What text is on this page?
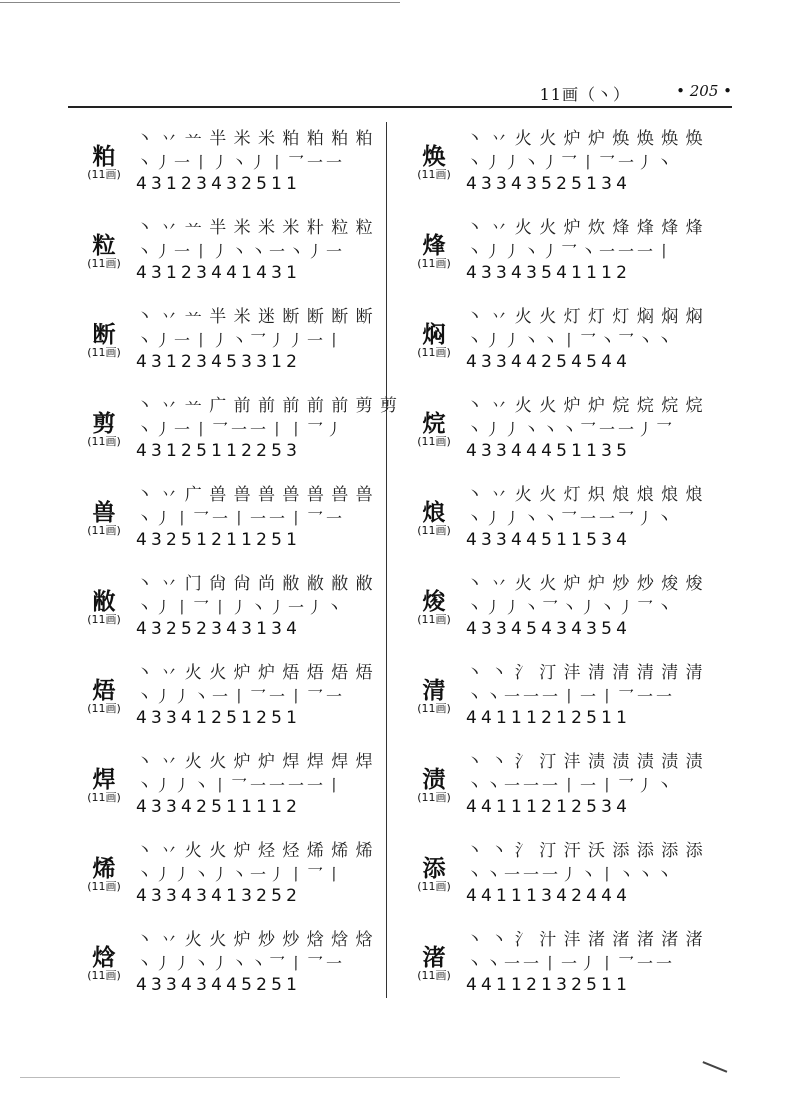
11画（丶）	• 205 •
粕
(11画)
丶 丷 䒑 半 米 米 粕 粕 粕 粕
丶丿一丨丿丶丿丨乛一一
43123432511
粒
(11画)
丶 丷 䒑 半 米 米 米 籵 粒 粒
丶丿一丨丿丶丶一丶丿一
43123441431
断
(11画)
丶 丷 䒑 半 米 迷 断 断 断 断
丶丿一丨丿丶乛丿丿一丨
43123453312
剪
(11画)
丶 丷 䒑 广 前 前 前 前 前 剪 剪
丶丿一丨乛一一丨丨乛丿
43125112253
兽
(11画)
丶 丷 广 兽 兽 兽 兽 兽 兽 兽
丶丿丨乛一丨一一丨乛一
43251211251
敝
(11画)
丶 丷 门 尙 尙 尚 敝 敝 敝 敝
丶丿丨乛丨丿丶丿一丿丶
43252343134
焐
(11画)
丶 丷 火 火 炉 炉 焐 焐 焐 焐
丶丿丿丶一丨乛一丨乛一
43341251251
焊
(11画)
丶 丷 火 火 炉 炉 焊 焊 焊 焊
丶丿丿丶丨乛一一一一丨
43342511112
烯
(11画)
丶 丷 火 火 炉 烃 烃 烯 烯 烯
丶丿丿丶丿丶一丿丨乛丨
43343413252
焓
(11画)
丶 丷 火 火 炉 炒 炒 焓 焓 焓
丶丿丿丶丿丶丶乛丨乛一
43343445251
焕
(11画)
丶 丷 火 火 炉 炉 焕 焕 焕 焕
丶丿丿丶丿乛丨乛一丿丶
43343525134
烽
(11画)
丶 丷 火 火 炉 炊 烽 烽 烽 烽
丶丿丿丶丿乛丶一一一丨
43343541112
焖
(11画)
丶 丷 火 火 灯 灯 灯 焖 焖 焖
丶丿丿丶丶丨乛丶乛丶丶
43344254544
烷
(11画)
丶 丷 火 火 炉 炉 烷 烷 烷 烷
丶丿丿丶丶丶乛一一丿乛
43344451135
烺
(11画)
丶 丷 火 火 灯 炽 烺 烺 烺 烺
丶丿丿丶丶乛一一乛丿丶
43344511534
焌
(11画)
丶 丷 火 火 炉 炉 炒 炒 焌 焌
丶丿丿丶乛丶丿丶丿乛丶
43345434354
清
(11画)
丶 丶 氵 汀 沣 清 清 清 清 清
丶丶一一一丨一丨乛一一
44111212511
渍
(11画)
丶 丶 氵 汀 沣 渍 渍 渍 渍 渍
丶丶一一一丨一丨乛丿丶
44111212534
添
(11画)
丶 丶 氵 汀 汗 沃 添 添 添 添
丶丶一一一丿丶丨丶丶丶
44111342444
渚
(11画)
丶 丶 氵 汁 沣 渚 渚 渚 渚 渚
丶丶一一丨一丿丨乛一一
44112132511
